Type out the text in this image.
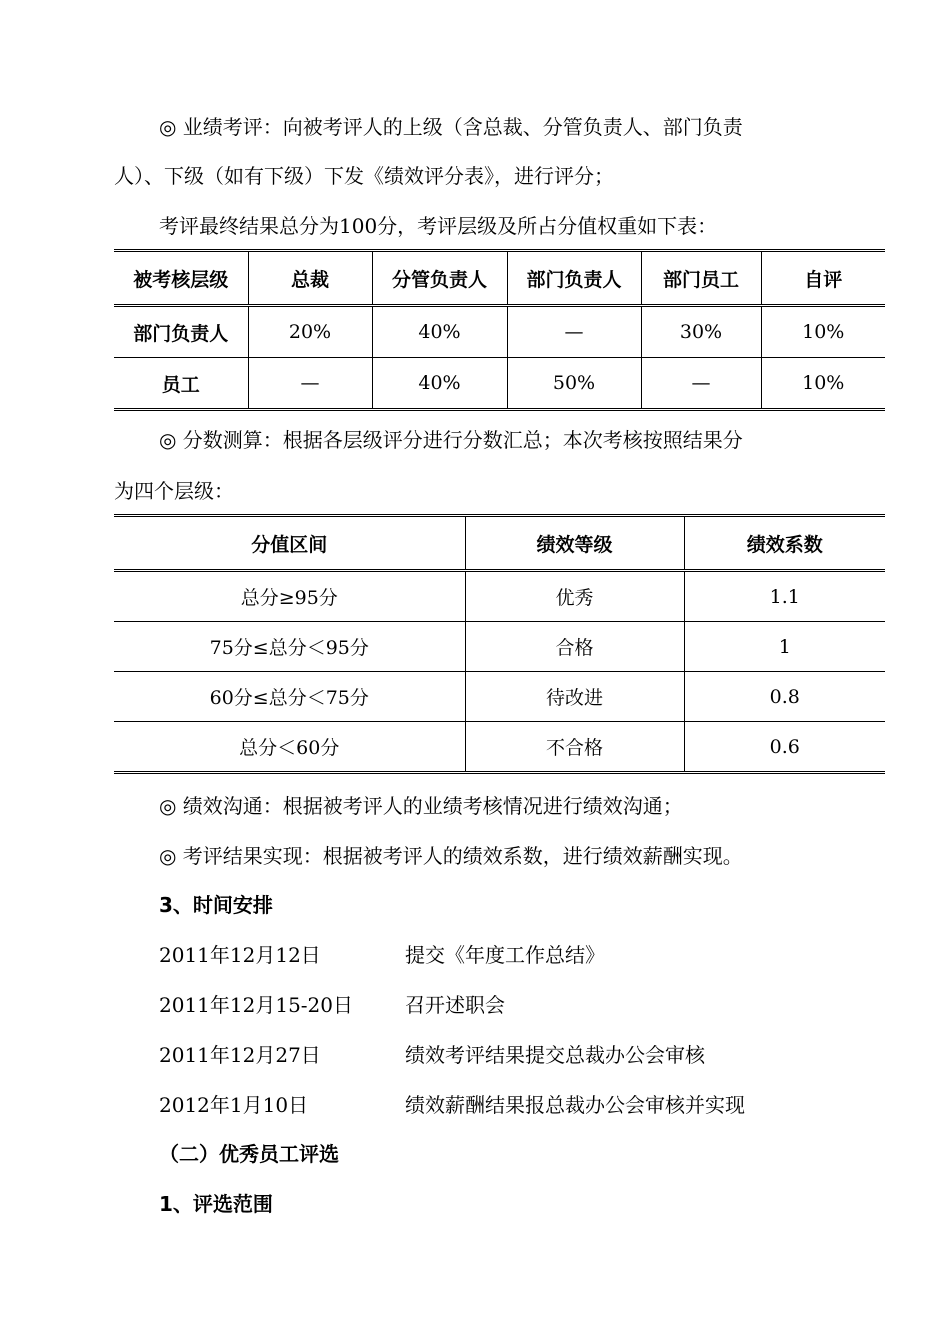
◎ 业绩考评：向被考评人的上级（含总裁、分管负责人、部门负责
人）、下级（如有下级）下发《绩效评分表》，进行评分；
考评最终结果总分为100分，考评层级及所占分值权重如下表：
被考核层级	总裁	分管负责人	部门负责人	部门员工	自评
部门负责人	20%	40%	—	30%	10%
员工	—	40%	50%	—	10%
◎ 分数测算：根据各层级评分进行分数汇总；本次考核按照结果分
为四个层级：
分值区间	绩效等级	绩效系数
总分≥95分	优秀	1.1
75分≤总分＜95分	合格	1
60分≤总分＜75分	待改进	0.8
总分＜60分	不合格	0.6
◎ 绩效沟通：根据被考评人的业绩考核情况进行绩效沟通；
◎ 考评结果实现：根据被考评人的绩效系数，进行绩效薪酬实现。
3、时间安排
2011年12月12日	提交《年度工作总结》
2011年12月15-20日	召开述职会
2011年12月27日	绩效考评结果提交总裁办公会审核
2012年1月10日	绩效薪酬结果报总裁办公会审核并实现
（二）优秀员工评选
1、评选范围
